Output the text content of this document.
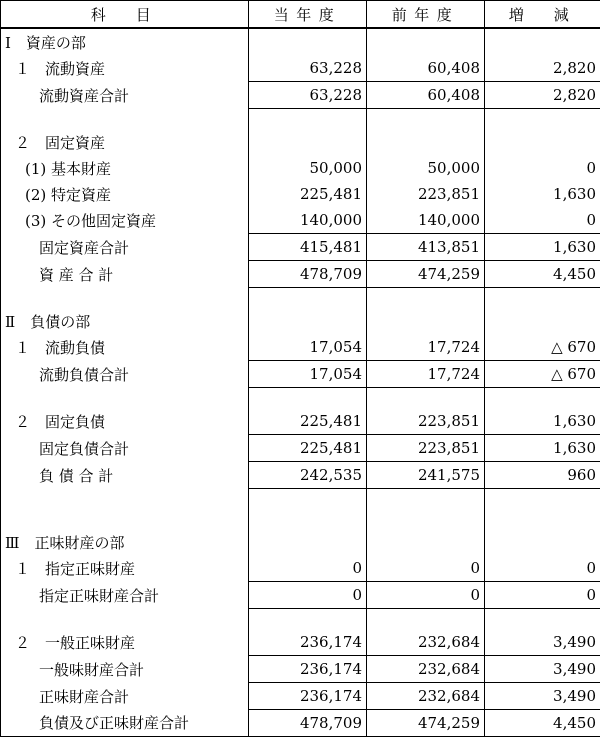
科　目	当年度	前年度	増　減
Ⅰ　資産の部			
１　流動資産	63,228	60,408	2,820
流動資産合計	63,228	60,408	2,820

２　固定資産			
(1) 基本財産	50,000	50,000	0
(2) 特定資産	225,481	223,851	1,630
(3) その他固定資産	140,000	140,000	0
固定資産合計	415,481	413,851	1,630
資 産 合 計	478,709	474,259	4,450

Ⅱ　負債の部			
１　流動負債	17,054	17,724	△ 670
流動負債合計	17,054	17,724	△ 670

２　固定負債	225,481	223,851	1,630
固定負債合計	225,481	223,851	1,630
負 債 合 計	242,535	241,575	960

Ⅲ　正味財産の部			
１　指定正味財産	0	0	0
指定正味財産合計	0	0	0

２　一般正味財産	236,174	232,684	3,490
一般味財産合計	236,174	232,684	3,490
正味財産合計	236,174	232,684	3,490
負債及び正味財産合計	478,709	474,259	4,450
